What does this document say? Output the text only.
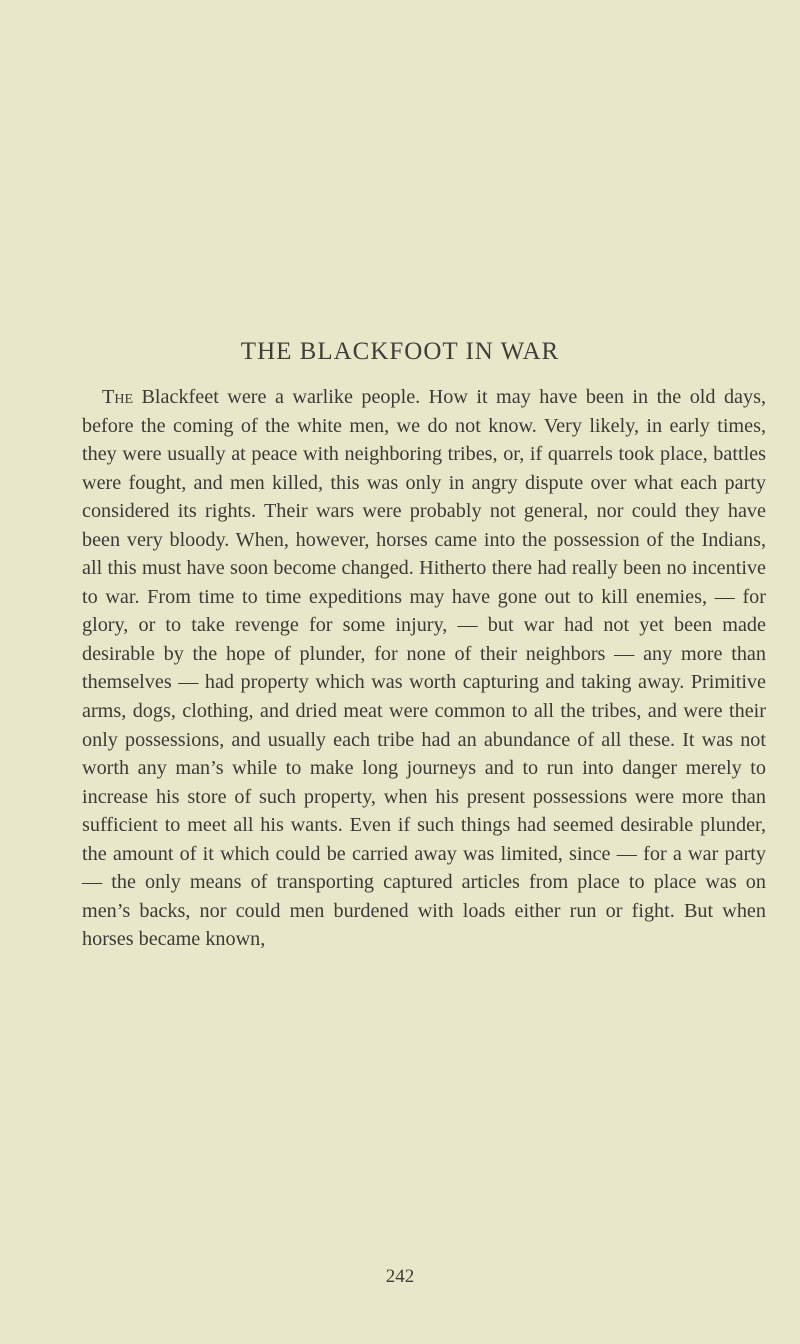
THE BLACKFOOT IN WAR

The Blackfeet were a warlike people. How it may have been in the old days, before the coming of the white men, we do not know. Very likely, in early times, they were usually at peace with neighboring tribes, or, if quarrels took place, battles were fought, and men killed, this was only in angry dispute over what each party considered its rights. Their wars were probably not general, nor could they have been very bloody. When, however, horses came into the possession of the Indians, all this must have soon become changed. Hitherto there had really been no incentive to war. From time to time expeditions may have gone out to kill enemies, — for glory, or to take revenge for some injury, — but war had not yet been made desirable by the hope of plunder, for none of their neighbors — any more than themselves — had property which was worth capturing and taking away. Primitive arms, dogs, clothing, and dried meat were common to all the tribes, and were their only possessions, and usually each tribe had an abundance of all these. It was not worth any man’s while to make long journeys and to run into danger merely to increase his store of such property, when his present possessions were more than sufficient to meet all his wants. Even if such things had seemed desirable plunder, the amount of it which could be carried away was limited, since — for a war party — the only means of transporting captured articles from place to place was on men’s backs, nor could men burdened with loads either run or fight. But when horses became known,

242
